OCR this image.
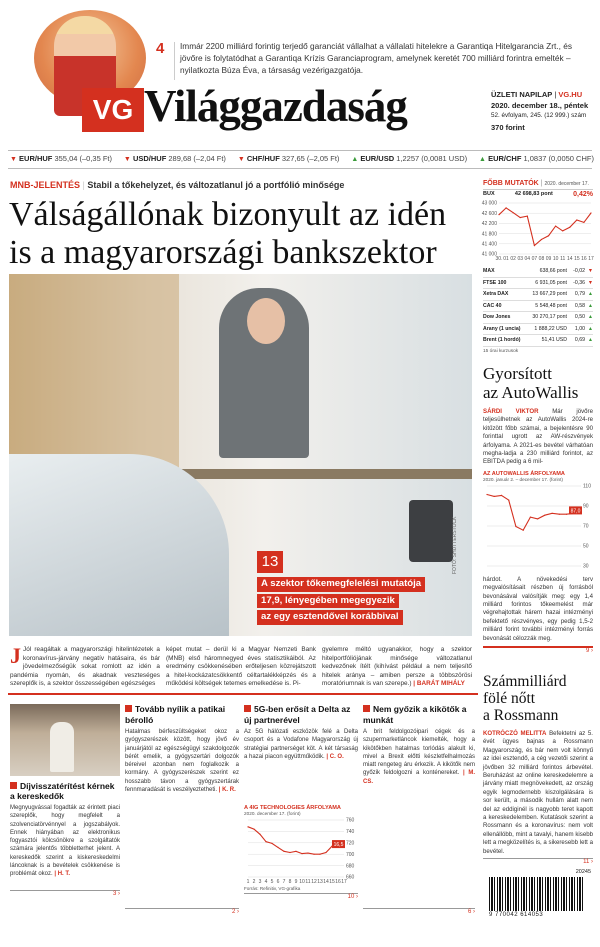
4 Immár 2200 milliárd forintig terjedő garanciát vállalhat a vállalati hitelekre a Garantiqa Hitelgarancia Zrt., és jövőre is folytatódhat a Garantiqa Krízis Garanciaprogram, amelynek keretét 700 milliárd forintra emelték – nyilatkozta Búza Éva, a társaság vezérigazgatója.
VG Világgazdaság	ÜZLETI NAPILAP | VG.HU
2020. december 18., péntek
52. évfolyam, 245. (12 999.) szám
370 forint
▼ EUR/HUF 355,04 (–0,35 Ft) ▼ USD/HUF 289,68 (–2,04 Ft) ▼ CHF/HUF 327,65 (–2,05 Ft) ▲ EUR/USD 1,2257 (0,0081 USD) ▲ EUR/CHF 1,0837 (0,0050 CHF)
MNB-JELENTÉS | Stabil a tőkehelyzet, és változatlanul jó a portfólió minősége
Válságállónak bizonyult az idén
is a magyarországi bankszektor
FOTÓ: SHUTTERSTOCK
13
A szektor tőkemegfelelési mutatója
17,9, lényegében megegyezik
az egy esztendővel korábbival
J Jól reagáltak a magyarországi hitelintézetek a koronavírus-járvány negatív hatásaira, és bár jövedelmezőségük sokat romlott az idén a pandémia nyomán, és akadnak veszteséges szereplők is, a szektor összességében egészséges
képet mutat – derül ki a Magyar Nemzeti Bank (MNB) első háromnegyed éves statisztikáiból. Az eredmény csökkenésében erőteljesen közrejátszott a hitel-kockázatcsökkentő céltartalékképzés és a működési költségek tetemes emelkedése is. Pi-
gyelemre méltó ugyanakkor, hogy a szektor hitelportfóliójának minősége változatlanul kedvezőnek ítélt (kihívást például a nem teljesítő hitelek aránya – amiben persze a többszörösi moratóriumnak is van szerepe.) | BARÁT MIHÁLY
FŐBB MUTATÓK | 2020. december 17.
BUX	42 698,83 pont	0,42%
43 000
42 600
42 200
41 800
41 400
41 000
30. 01 02 03 04 07 08 09 10 11 14 15 16 17
MAX	638,66 pont	-0,02 ▼
FTSE 100	6 931,05 pont	-0,36 ▼
Xetra DAX	13 667,29 pont	0,79 ▲
CAC 40	5 548,48 pont	0,58 ▲
Dow Jones	30 270,17 pont	0,50 ▲
Arany (1 uncia)	1 888,22 USD	1,00 ▲
Brent (1 hordó)	51,41 USD	0,69 ▲
15 órai kurzusok
Gyorsított
az AutoWallis
SÁRDI VIKTOR Már jövőre teljesülhetnek az AutoWallis 2024-re kitűzött főbb számai, a bejelentésre 90 forinttal ugrott az AW-részvények árfolyama. A 2021-es bevétel várhatóan megha-ladja a 230 milliárd forintot, az EBITDA pedig a 6 mil-
AZ AUTOWALLIS ÁRFOLYAMA
2020. január 2. – december 17. (forint)
110
90
70
50
30
87,0
hárdot. A növekedési terv megvalósításait részben új forrásból bevonásával valósítják meg: egy 1,4 milliárd forintos tőkeemelést már végrehajtottak hárem hazai intézményi befektető részvényes, egy pedig 1,5-2 milliárd forint további intézményi forrás bevonását célozzák meg.
9 ›
Számmilliárd
fölé nőtt
a Rossmann
KOTRÓCZÓ MELITTA Befektetni az 5. évét ügyes bajnas a Rossmann Magyarország, és bár nem volt könnyű az idei esztendő, a cég vezetői szerint a jövőben 32 milliárd forintos árbevétel. Beruházást az online kereskedelemre a járvány miatt megnövekedett, az ország egyik legmodernebb kiszolgálására is sor került, a második hullám alatt nem del az eddiginél is nagyobb teret kapott a kereskedelemben. Kutatások szerint a Rossmann és a koronavírus: nem volt ellenállóbb, mint a tavalyi, hanem kisebb lett a megközelítés is, a sikeresebb lett a bevétel.
11 ›
20245
9 770042 614053
Díjvisszatérítést kérnek a kereskedők
Megnyugvással fogadták az érintett piaci szereplők, hogy megfelelt a szolvenciatörvénnyel a jogszabályok. Ennek hiányában az elektronikus fogyasztói kölcsönökre a szolgáltatók számára jelentős többletterhet jelent. A kereskedők szerint a kiskereskedelmi láncoknak is a bevételek csökkenése is problémát okoz. | H. T.
3 ›
Tovább nyílik a patikai bérolló
Hatalmas bérfeszültségeket okoz a gyógyszerészek között, hogy jövő év januárjától az egészségügyi szakdolgozók bérét emelik, a gyógyszertári dolgozók béreivel azonban nem foglalkozik a kormány. A gyógyszerészek szerint ez hosszabb távon a gyógyszertárak fennmaradását is veszélyeztetheti. | K. R.
2 ›
5G-ben erősít a Delta az új partnerével
Az 5G hálózati eszközök felé a Delta csoport és a Vodafone Magyarország új stratégiai partnerséget köt. A két társaság a hazai piacon együttműködik. | C. O.
A 4IG TECHNOLOGIES ÁRFOLYAMA
2020. december 17. (forint)
760
740
720
700
680
660
1 2 3 4 5 6 7 8 9 10 11 12 13 14 15 16 17
16,5
Forrás: Refinitiv, VG-grafika
10 ›
Nem győzik a kikötők a munkát
A brit feldolgozóipari cégek és a szupermarketláncok kiemelték, hogy a kikötőkben hatalmas torlódás alakult ki, mivel a Brexit előtti készletfelhalmozás miatt rengeteg áru érkezik. A kikötők nem győzik feldolgozni a konténereket. | M. CS.
6 ›
